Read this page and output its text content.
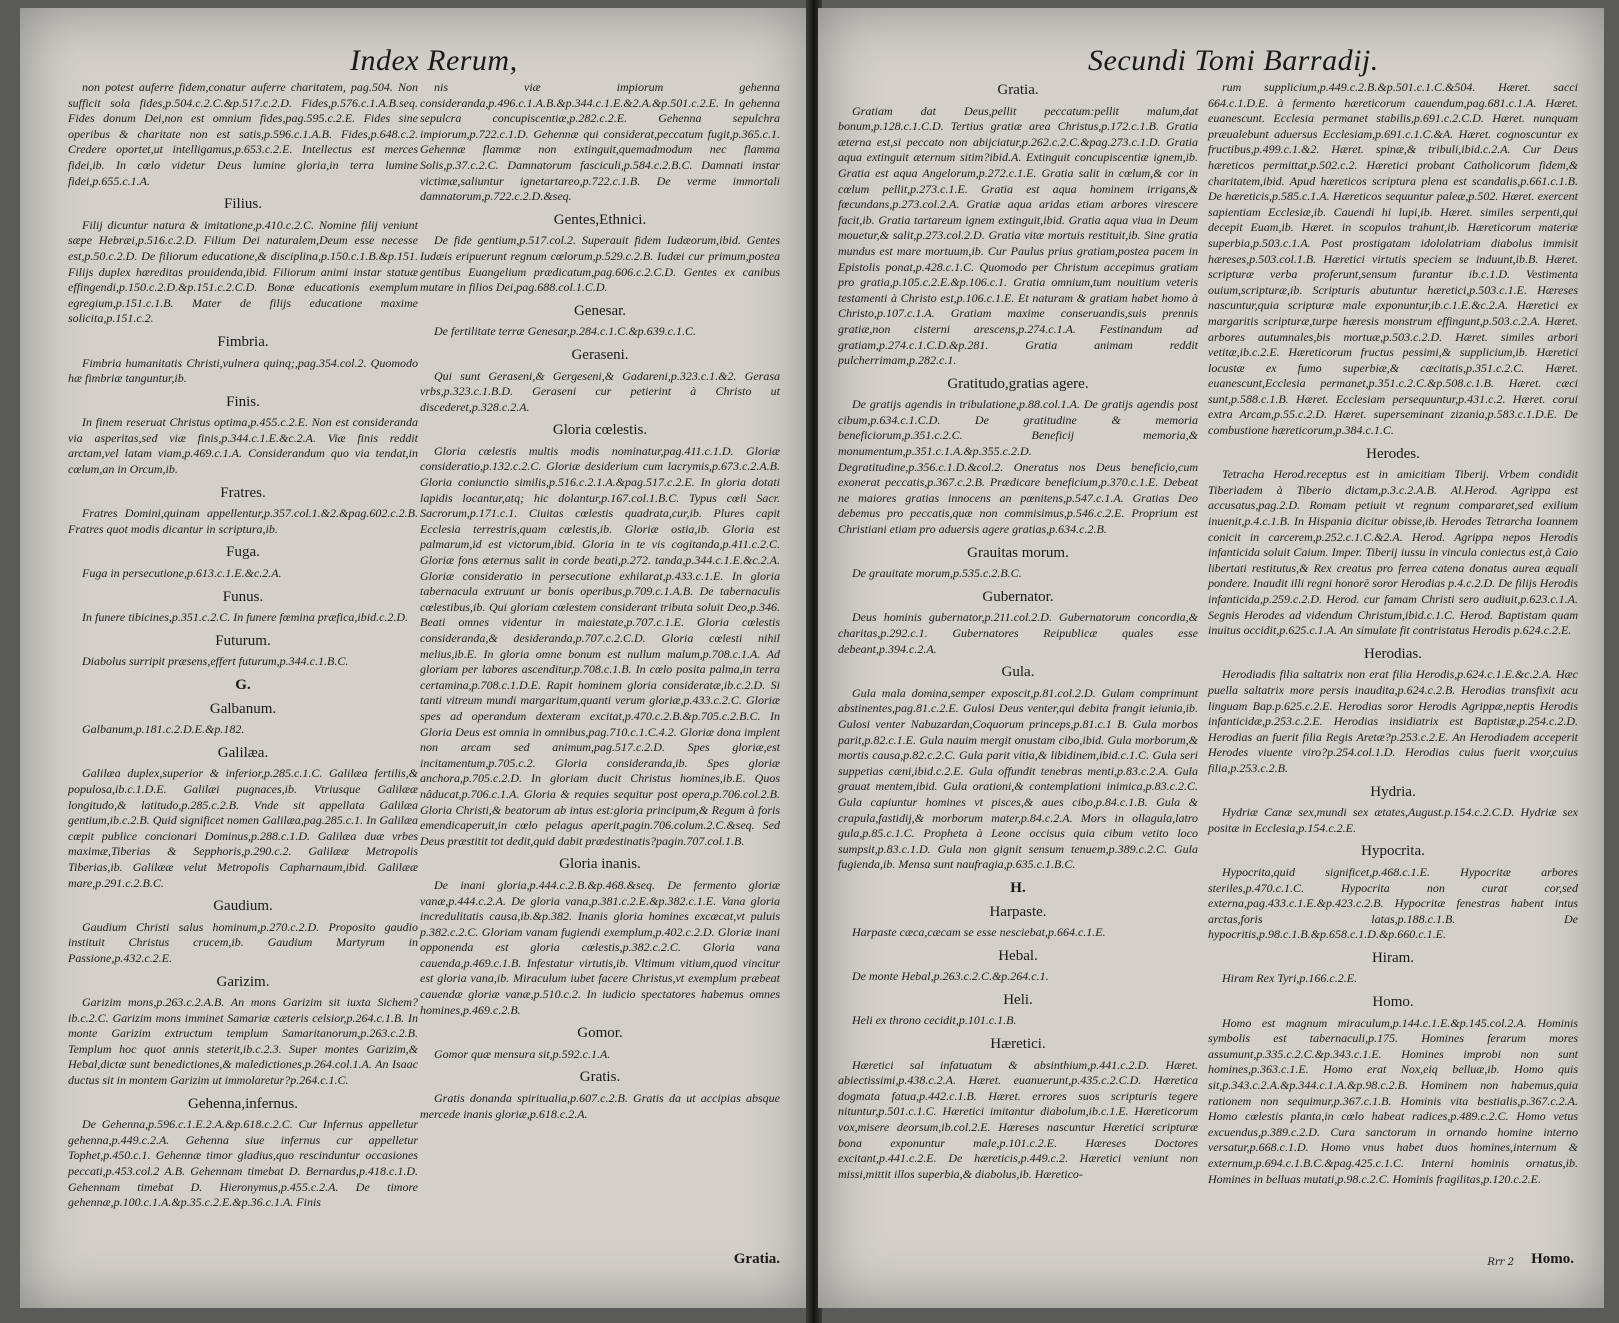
Index Rerum,
non potest auferre fidem,conatur auferre charitatem, pag.504. Non sufficit sola fides,p.504.c.2.C.&p.517.c.2.D. Fides,p.576.c.1.A.B.seq. Fides donum Dei,non est omnium fides,pag.595.c.2.E. Fides sine operibus & charitate non est satis,p.596.c.1.A.B. Fides,p.648.c.2. Credere oportet,ut intelligamus,p.653.c.2.E. Intellectus est merces fidei,ib. In cœlo videtur Deus lumine gloria,in terra lumine fidei,p.655.c.1.A.
Filius.
Filij dicuntur natura & imitatione,p.410.c.2.C. Nomine filij veniunt sæpe Hebræi,p.516.c.2.D. Filium Dei naturalem,Deum esse necesse est,p.50.c.2.D. De filiorum educatione,& disciplina,p.150.c.1.B.&p.151. Filijs duplex hæreditas prouidenda,ibid. Filiorum animi instar statuæ effingendi,p.150.c.2.D.&p.151.c.2.C.D. Bonæ educationis exemplum egregium,p.151.c.1.B. Mater de filijs educatione maxime solicita,p.151.c.2.
Fimbria.
Fimbria humanitatis Christi,vulnera quinq;,pag.354.col.2. Quomodo hæ fimbriæ tanguntur,ib.
Finis.
In finem reseruat Christus optima,p.455.c.2.E. Non est consideranda via asperitas,sed viæ finis,p.344.c.1.E.&c.2.A. Viæ finis reddit arctam,vel latam viam,p.469.c.1.A. Considerandum quo via tendat,in cœlum,an in Orcum,ib.
Fratres.
Fratres Domini,quinam appellentur,p.357.col.1.&2.&pag.602.c.2.B. Fratres quot modis dicantur in scriptura,ib.
Fuga.
Fuga in persecutione,p.613.c.1.E.&c.2.A.
Funus.
In funere tibicines,p.351.c.2.C. In funere fœmina præfica,ibid.c.2.D.
Futurum.
Diabolus surripit præsens,effert futurum,p.344.c.1.B.C.
G.
Galbanum.
Galbanum,p.181.c.2.D.E.&p.182.
Galilæa.
Galilæa duplex,superior & inferior,p.285.c.1.C. Galilæa fertilis,& populosa,ib.c.1.D.E. Galilæi pugnaces,ib. Vtriusque Galilææ longitudo,& latitudo,p.285.c.2.B. Vnde sit appellata Galilæa gentium,ib.c.2.B. Quid significet nomen Galilæa,pag.285.c.1. In Galilæa cœpit publice concionari Dominus,p.288.c.1.D. Galilæa duæ vrbes maximæ,Tiberias & Sepphoris,p.290.c.2. Galilææ Metropolis Tiberias,ib. Galilææ velut Metropolis Capharnaum,ibid. Galilææ mare,p.291.c.2.B.C.
Gaudium.
Gaudium Christi salus hominum,p.270.c.2.D. Proposito gaudio instituit Christus crucem,ib. Gaudium Martyrum in Passione,p.432.c.2.E.
Garizim.
Garizim mons,p.263.c.2.A.B. An mons Garizim sit iuxta Sichem?ib.c.2.C. Garizim mons imminet Samariæ cæteris celsior,p.264.c.1.B. In monte Garizim extructum templum Samaritanorum,p.263.c.2.B. Templum hoc quot annis steterit,ib.c.2.3. Super montes Garizim,& Hebal,dictæ sunt benedictiones,& maledictiones,p.264.col.1.A. An Isaac ductus sit in montem Garizim ut immolaretur?p.264.c.1.C.
Gehenna,infernus.
De Gehenna,p.596.c.1.E.2.A.&p.618.c.2.C. Cur Infernus appelletur gehenna,p.449.c.2.A. Gehenna siue infernus cur appelletur Tophet,p.450.c.1. Gehennæ timor gladius,quo rescinduntur occasiones peccati,p.453.col.2 A.B. Gehennam timebat D. Bernardus,p.418.c.1.D. Gehennam timebat D. Hieronymus,p.455.c.2.A. De timore gehennæ,p.100.c.1.A.&p.35.c.2.E.&p.36.c.1.A. Finis
nis viæ impiorum gehenna consideranda,p.496.c.1.A.B.&p.344.c.1.E.&2.A.&p.501.c.2.E. In gehenna sepulcra concupiscentiæ,p.282.c.2.E. Gehenna sepulchra impiorum,p.722.c.1.D. Gehennæ qui considerat,peccatum fugit,p.365.c.1. Gehennæ flammæ non extinguit,quemadmodum nec flamma Solis,p.37.c.2.C. Damnatorum fasciculi,p.584.c.2.B.C. Damnati instar victimæ,saliuntur ignetartareo,p.722.c.1.B. De verme immortali damnatorum,p.722.c.2.D.&seq.
Gentes,Ethnici.
De fide gentium,p.517.col.2. Superauit fidem Iudæorum,ibid. Gentes Iudæis eripuerunt regnum cœlorum,p.529.c.2.B. Iudæi cur primum,postea gentibus Euangelium prædicatum,pag.606.c.2.C.D. Gentes ex canibus mutare in filios Dei,pag.688.col.1.C.D.
Genesar.
De fertilitate terræ Genesar,p.284.c.1.C.&p.639.c.1.C.
Geraseni.
Qui sunt Geraseni,& Gergeseni,& Gadareni,p.323.c.1.&2. Gerasa vrbs,p.323.c.1.B.D. Geraseni cur petierint à Christo ut discederet,p.328.c.2.A.
Gloria cœlestis.
Gloria cœlestis multis modis nominatur,pag.411.c.1.D. Gloriæ consideratio,p.132.c.2.C. Gloriæ desiderium cum lacrymis,p.673.c.2.A.B. Gloria coniunctio similis,p.516.c.2.1.A.&pag.517.c.2.E. In gloria dotati lapidis locantur,atq; hic dolantur,p.167.col.1.B.C. Typus cœli Sacr. Sacrorum,p.171.c.1. Ciuitas cœlestis quadrata,cur,ib. Plures capit Ecclesia terrestris,quam cœlestis,ib. Gloriæ ostia,ib. Gloria est palmarum,id est victorum,ibid. Gloria in te vis cogitanda,p.411.c.2.C. Gloriæ fons æternus salit in corde beati,p.272. tanda,p.344.c.1.E.&c.2.A. Gloriæ consideratio in persecutione exhilarat,p.433.c.1.E. In gloria tabernacula extruunt ur bonis operibus,p.709.c.1.A.B. De tabernaculis cœlestibus,ib. Qui gloriam cœlestem considerant tributa soluit Deo,p.346. Beati omnes videntur in maiestate,p.707.c.1.E. Gloria cœlestis consideranda,& desideranda,p.707.c.2.C.D. Gloria cœlesti nihil melius,ib.E. In gloria omne bonum est nullum malum,p.708.c.1.A. Ad gloriam per labores ascenditur,p.708.c.1.B. In cœlo posita palma,in terra certamina,p.708.c.1.D.E. Rapit hominem gloria consideratæ,ib.c.2.D. Si tanti vitreum mundi margaritum,quanti verum gloriæ,p.433.c.2.C. Gloriæ spes ad operandum dexteram excitat,p.470.c.2.B.&p.705.c.2.B.C. In Gloria Deus est omnia in omnibus,pag.710.c.1.C.4.2. Gloriæ dona implent non arcam sed animum,pag.517.c.2.D. Spes gloriæ,est incitamentum,p.705.c.2. Gloria consideranda,ib. Spes gloriæ anchora,p.705.c.2.D. In gloriam ducit Christus homines,ib.E. Quos nâducat,p.706.c.1.A. Gloria & requies sequitur post opera,p.706.col.2.B. Gloria Christi,& beatorum ab intus est:gloria principum,& Regum à foris emendicaperuit,in cœlo pelagus aperit,pagin.706.colum.2.C.&seq. Sed Deus præstitit tot dedit,quid dabit prædestinatis?pagin.707.col.1.B.
Gloria inanis.
De inani gloria,p.444.c.2.B.&p.468.&seq. De fermento gloriæ vanæ,p.444.c.2.A. De gloria vana,p.381.c.2.E.&p.382.c.1.E. Vana gloria incredulitatis causa,ib.&p.382. Inanis gloria homines excæcat,vt puluis p.382.c.2.C. Gloriam vanam fugiendi exemplum,p.402.c.2.D. Gloriæ inani opponenda est gloria cœlestis,p.382.c.2.C. Gloria vana cauenda,p.469.c.1.B. Infestatur virtutis,ib. Vltimum vitium,quod vincitur est gloria vana,ib. Miraculum iubet facere Christus,vt exemplum præbeat cauendæ gloriæ vanæ,p.510.c.2. In iudicio spectatores habemus omnes homines,p.469.c.2.B.
Gomor.
Gomor quæ mensura sit,p.592.c.1.A.
Gratis.
Gratis donanda spiritualia,p.607.c.2.B. Gratis da ut accipias absque mercede inanis gloriæ,p.618.c.2.A.
Gratia.
Secundi Tomi Barradij.
Gratia.
Gratiam dat Deus,pellit peccatum:pellit malum,dat bonum,p.128.c.1.C.D. Tertius gratiæ area Christus,p.172.c.1.B. Gratia æterna est,si peccato non abijciatur,p.262.c.2.C.&pag.273.c.1.D. Gratia aqua extinguit æternum sitim?ibid.A. Extinguit concupiscentiæ ignem,ib. Gratia est aqua Angelorum,p.272.c.1.E. Gratia salit in cœlum,& cor in cœlum pellit,p.273.c.1.E. Gratia est aqua hominem irrigans,& fœcundans,p.273.col.2.A. Gratiæ aqua aridas etiam arbores virescere facit,ib. Gratia tartareum ignem extinguit,ibid. Gratia aqua viua in Deum mouetur,& salit,p.273.col.2.D. Gratia vitæ mortuis restituit,ib. Sine gratia mundus est mare mortuum,ib. Cur Paulus prius gratiam,postea pacem in Epistolis ponat,p.428.c.1.C. Quomodo per Christum accepimus gratiam pro gratia,p.105.c.2.E.&p.106.c.1. Gratia omnium,tum nouitium veteris testamenti à Christo est,p.106.c.1.E. Et naturam & gratiam habet homo à Christo,p.107.c.1.A. Gratiam maxime conseruandis,suis prennis gratiæ,non cisterni arescens,p.274.c.1.A. Festinandum ad gratiam,p.274.c.1.C.D.&p.281. Gratia animam reddit pulcherrimam,p.282.c.1.
Gratitudo,gratias agere.
De gratijs agendis in tribulatione,p.88.col.1.A. De gratijs agendis post cibum,p.634.c.1.C.D. De gratitudine & memoria beneficiorum,p.351.c.2.C. Beneficij memoria,& monumentum,p.351.c.1.A.&p.355.c.2.D. Degratitudine,p.356.c.1.D.&col.2. Oneratus nos Deus beneficio,cum exonerat peccatis,p.367.c.2.B. Prædicare beneficium,p.370.c.1.E. Debeat ne maiores gratias innocens an pœnitens,p.547.c.1.A. Gratias Deo debemus pro peccatis,quæ non commisimus,p.546.c.2.E. Proprium est Christiani etiam pro aduersis agere gratias,p.634.c.2.B.
Grauitas morum.
De grauitate morum,p.535.c.2.B.C.
Gubernator.
Deus hominis gubernator,p.211.col.2.D. Gubernatorum concordia,& charitas,p.292.c.1. Gubernatores Reipublicæ quales esse debeant,p.394.c.2.A.
Gula.
Gula mala domina,semper exposcit,p.81.col.2.D. Gulam comprimunt abstinentes,pag.81.c.2.E. Gulosi Deus venter,qui debita frangit ieiunia,ib. Gulosi venter Nabuzardan,Coquorum princeps,p.81.c.1 B. Gula morbos parit,p.82.c.1.E. Gula nauim mergit onustam cibo,ibid. Gula morborum,& mortis causa,p.82.c.2.C. Gula parit vitia,& libidinem,ibid.c.1.C. Gula seri suppetias cæni,ibid.c.2.E. Gula offundit tenebras menti,p.83.c.2.A. Gula grauat mentem,ibid. Gula orationi,& contemplationi inimica,p.83.c.2.C. Gula capiuntur homines vt pisces,& aues cibo,p.84.c.1.B. Gula & crapula,fastidij,& morborum mater,p.84.c.2.A. Mors in ollagula,latro gula,p.85.c.1.C. Propheta à Leone occisus quia cibum vetito loco sumpsit,p.83.c.1.D. Gula non gignit sensum tenuem,p.389.c.2.C. Gula fugienda,ib. Mensa sunt naufragia,p.635.c.1.B.C.
H.
Harpaste.
Harpaste cæca,cæcam se esse nesciebat,p.664.c.1.E.
Hebal.
De monte Hebal,p.263.c.2.C.&p.264.c.1.
Heli.
Heli ex throno cecidit,p.101.c.1.B.
Hæretici.
Hæretici sal infatuatum & absinthium,p.441.c.2.D. Hæret. abiectissimi,p.438.c.2.A. Hæret. euanuerunt,p.435.c.2.C.D. Hæretica dogmata fatua,p.442.c.1.B. Hæret. errores suos scripturis tegere nituntur,p.501.c.1.C. Hæretici imitantur diabolum,ib.c.1.E. Hæreticorum vox,misere deorsum,ib.col.2.E. Hæreses nascuntur Hæretici scripturæ bona exponuntur male,p.101.c.2.E. Hæreses Doctores excitant,p.441.c.2.E. De hæreticis,p.449.c.2. Hæretici veniunt non missi,mittit illos superbia,& diabolus,ib. Hæretico-
rum supplicium,p.449.c.2.B.&p.501.c.1.C.&504. Hæret. sacci 664.c.1.D.E. à fermento hæreticorum cauendum,pag.681.c.1.A. Hæret. euanescunt. Ecclesia permanet stabilis,p.691.c.2.C.D. Hæret. nunquam præualebunt aduersus Ecclesiam,p.691.c.1.C.&A. Hæret. cognoscuntur ex fructibus,p.499.c.1.&2. Hæret. spinæ,& tribuli,ibid.c.2.A. Cur Deus hæreticos permittat,p.502.c.2. Hæretici probant Catholicorum fidem,& charitatem,ibid. Apud hæreticos scriptura plena est scandalis,p.661.c.1.B. De hæreticis,p.585.c.1.A. Hæreticos sequuntur paleæ,p.502. Hæret. exercent sapientiam Ecclesiæ,ib. Cauendi hi lupi,ib. Hæret. similes serpenti,qui decepit Euam,ib. Hæret. in scopulos trahunt,ib. Hæreticorum materiæ superbia,p.503.c.1.A. Post prostigatam idololatriam diabolus immisit hæreses,p.503.col.1.B. Hæretici virtutis speciem se induunt,ib.B. Hæret. scripturæ verba proferunt,sensum furantur ib.c.1.D. Vestimenta ouium,scripturæ,ib. Scripturis abutuntur hæretici,p.503.c.1.E. Hæreses nascuntur,quia scripturæ male exponuntur,ib.c.1.E.&c.2.A. Hæretici ex margaritis scripturæ,turpe hæresis monstrum effingunt,p.503.c.2.A. Hæret. arbores autumnales,bis mortuæ,p.503.c.2.D. Hæret. similes arbori vetitæ,ib.c.2.E. Hæreticorum fructus pessimi,& supplicium,ib. Hæretici locustæ ex fumo superbiæ,& cæcitatis,p.351.c.2.C. Hæret. euanescunt,Ecclesia permanet,p.351.c.2.C.&p.508.c.1.B. Hæret. cæci sunt,p.588.c.1.B. Hæret. Ecclesiam persequuntur,p.431.c.2. Hæret. corui extra Arcam,p.55.c.2.D. Hæret. superseminant zizania,p.583.c.1.D.E. De combustione hæreticorum,p.384.c.1.C.
Herodes.
Tetracha Herod.receptus est in amicitiam Tiberij. Vrbem condidit Tiberiadem à Tiberio dictam,p.3.c.2.A.B. Al.Herod. Agrippa est accusatus,pag.2.D. Romam petiuit vt regnum compararet,sed exilium inuenit,p.4.c.1.B. In Hispania dicitur obisse,ib. Herodes Tetrarcha Ioannem conicit in carcerem,p.252.c.1.C.&2.A. Herod. Agrippa nepos Herodis infanticida soluit Caium. Imper. Tiberij iussu in vincula coniectus est,à Caio libertati restitutus,& Rex creatus pro ferrea catena donatus aurea æquali pondere. Inaudit illi regni honorē soror Herodias p.4.c.2.D. De filijs Herodis infanticida,p.259.c.2.D. Herod. cur famam Christi sero audiuit,p.623.c.1.A. Segnis Herodes ad videndum Christum,ibid.c.1.C. Herod. Baptistam quam inuitus occidit,p.625.c.1.A. An simulate fit contristatus Herodis p.624.c.2.E.
Herodias.
Herodiadis filia saltatrix non erat filia Herodis,p.624.c.1.E.&c.2.A. Hæc puella saltatrix more persis inaudita,p.624.c.2.B. Herodias transfixit acu linguam Bap.p.625.c.2.E. Herodias soror Herodis Agrippæ,neptis Herodis infanticidæ,p.253.c.2.E. Herodias insidiatrix est Baptistæ,p.254.c.2.D. Herodias an fuerit filia Regis Aretæ?p.253.c.2.E. An Herodiadem acceperit Herodes viuente viro?p.254.col.1.D. Herodias cuius fuerit vxor,cuius filia,p.253.c.2.B.
Hydria.
Hydriæ Canæ sex,mundi sex ætates,August.p.154.c.2.C.D. Hydriæ sex positæ in Ecclesia,p.154.c.2.E.
Hypocrita.
Hypocrita,quid significet,p.468.c.1.E. Hypocritæ arbores steriles,p.470.c.1.C. Hypocrita non curat cor,sed externa,pag.433.c.1.E.&p.423.c.2.B. Hypocritæ fenestras habent intus arctas,foris latas,p.188.c.1.B. De hypocritis,p.98.c.1.B.&p.658.c.1.D.&p.660.c.1.E.
Hiram.
Hiram Rex Tyri,p.166.c.2.E.
Homo.
Homo est magnum miraculum,p.144.c.1.E.&p.145.col.2.A. Hominis symbolis est tabernaculi,p.175. Homines ferarum mores assumunt,p.335.c.2.C.&p.343.c.1.E. Homines improbi non sunt homines,p.363.c.1.E. Homo erat Nox,eiq belluæ,ib. Homo quis sit,p.343.c.2.A.&p.344.c.1.A.&p.98.c.2.B. Hominem non habemus,quia rationem non sequimur,p.367.c.1.B. Hominis vita bestialis,p.367.c.2.A. Homo cœlestis planta,in cœlo habeat radices,p.489.c.2.C. Homo vetus excuendus,p.389.c.2.D. Cura sanctorum in ornando homine interno versatur,p.668.c.1.D. Homo vnus habet duos homines,internum & externum,p.694.c.1.B.C.&pag.425.c.1.C. Interni hominis ornatus,ib. Homines in belluas mutati,p.98.c.2.C. Hominis fragilitas,p.120.c.2.E.
Rrr 2 Homo.
